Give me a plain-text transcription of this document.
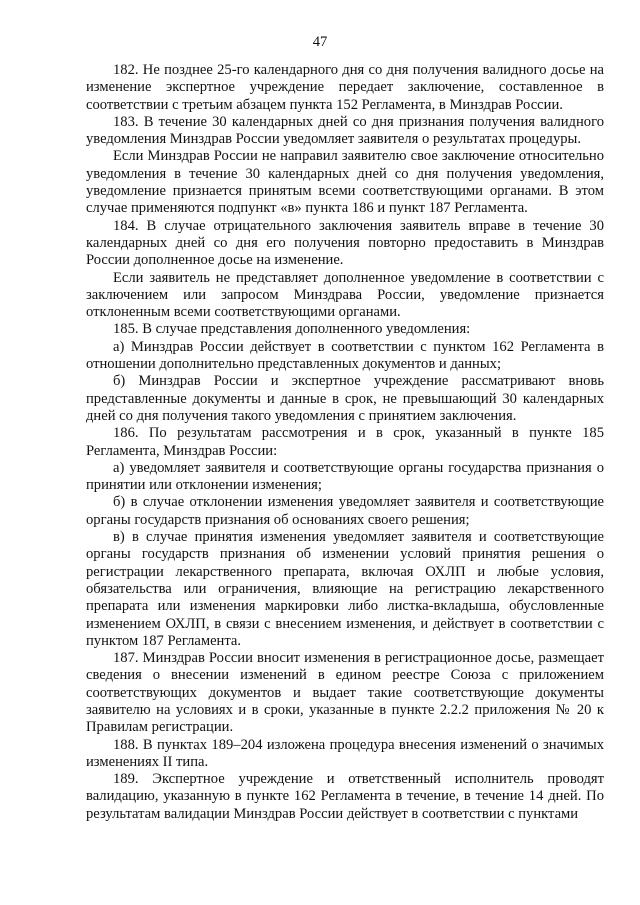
47

182. Не позднее 25-го календарного дня со дня получения валидного досье на изменение экспертное учреждение передает заключение, составленное в соответствии с третьим абзацем пункта 152 Регламента, в Минздрав России.

183. В течение 30 календарных дней со дня признания получения валидного уведомления Минздрав России уведомляет заявителя о результатах процедуры.

Если Минздрав России не направил заявителю свое заключение относительно уведомления в течение 30 календарных дней со дня получения уведомления, уведомление признается принятым всеми соответствующими органами. В этом случае применяются подпункт «в» пункта 186 и пункт 187 Регламента.

184. В случае отрицательного заключения заявитель вправе в течение 30 календарных дней со дня его получения повторно предоставить в Минздрав России дополненное досье на изменение.

Если заявитель не представляет дополненное уведомление в соответствии с заключением или запросом Минздрава России, уведомление признается отклоненным всеми соответствующими органами.

185. В случае представления дополненного уведомления:

а) Минздрав России действует в соответствии с пунктом 162 Регламента в отношении дополнительно представленных документов и данных;

б) Минздрав России и экспертное учреждение рассматривают вновь представленные документы и данные в срок, не превышающий 30 календарных дней со дня получения такого уведомления с принятием заключения.

186. По результатам рассмотрения и в срок, указанный в пункте 185 Регламента, Минздрав России:

а) уведомляет заявителя и соответствующие органы государства признания о принятии или отклонении изменения;

б) в случае отклонении изменения уведомляет заявителя и соответствующие органы государств признания об основаниях своего решения;

в) в случае принятия изменения уведомляет заявителя и соответствующие органы государств признания об изменении условий принятия решения о регистрации лекарственного препарата, включая ОХЛП и любые условия, обязательства или ограничения, влияющие на регистрацию лекарственного препарата или изменения маркировки либо листка-вкладыша, обусловленные изменением ОХЛП, в связи с внесением изменения, и действует в соответствии с пунктом 187 Регламента.

187. Минздрав России вносит изменения в регистрационное досье, размещает сведения о внесении изменений в едином реестре Союза с приложением соответствующих документов и выдает такие соответствующие документы заявителю на условиях и в сроки, указанные в пункте 2.2.2 приложения № 20 к Правилам регистрации.

188. В пунктах 189–204 изложена процедура внесения изменений о значимых изменениях II типа.

189. Экспертное учреждение и ответственный исполнитель проводят валидацию, указанную в пункте 162 Регламента в течение, в течение 14 дней. По результатам валидации Минздрав России действует в соответствии с пунктами
